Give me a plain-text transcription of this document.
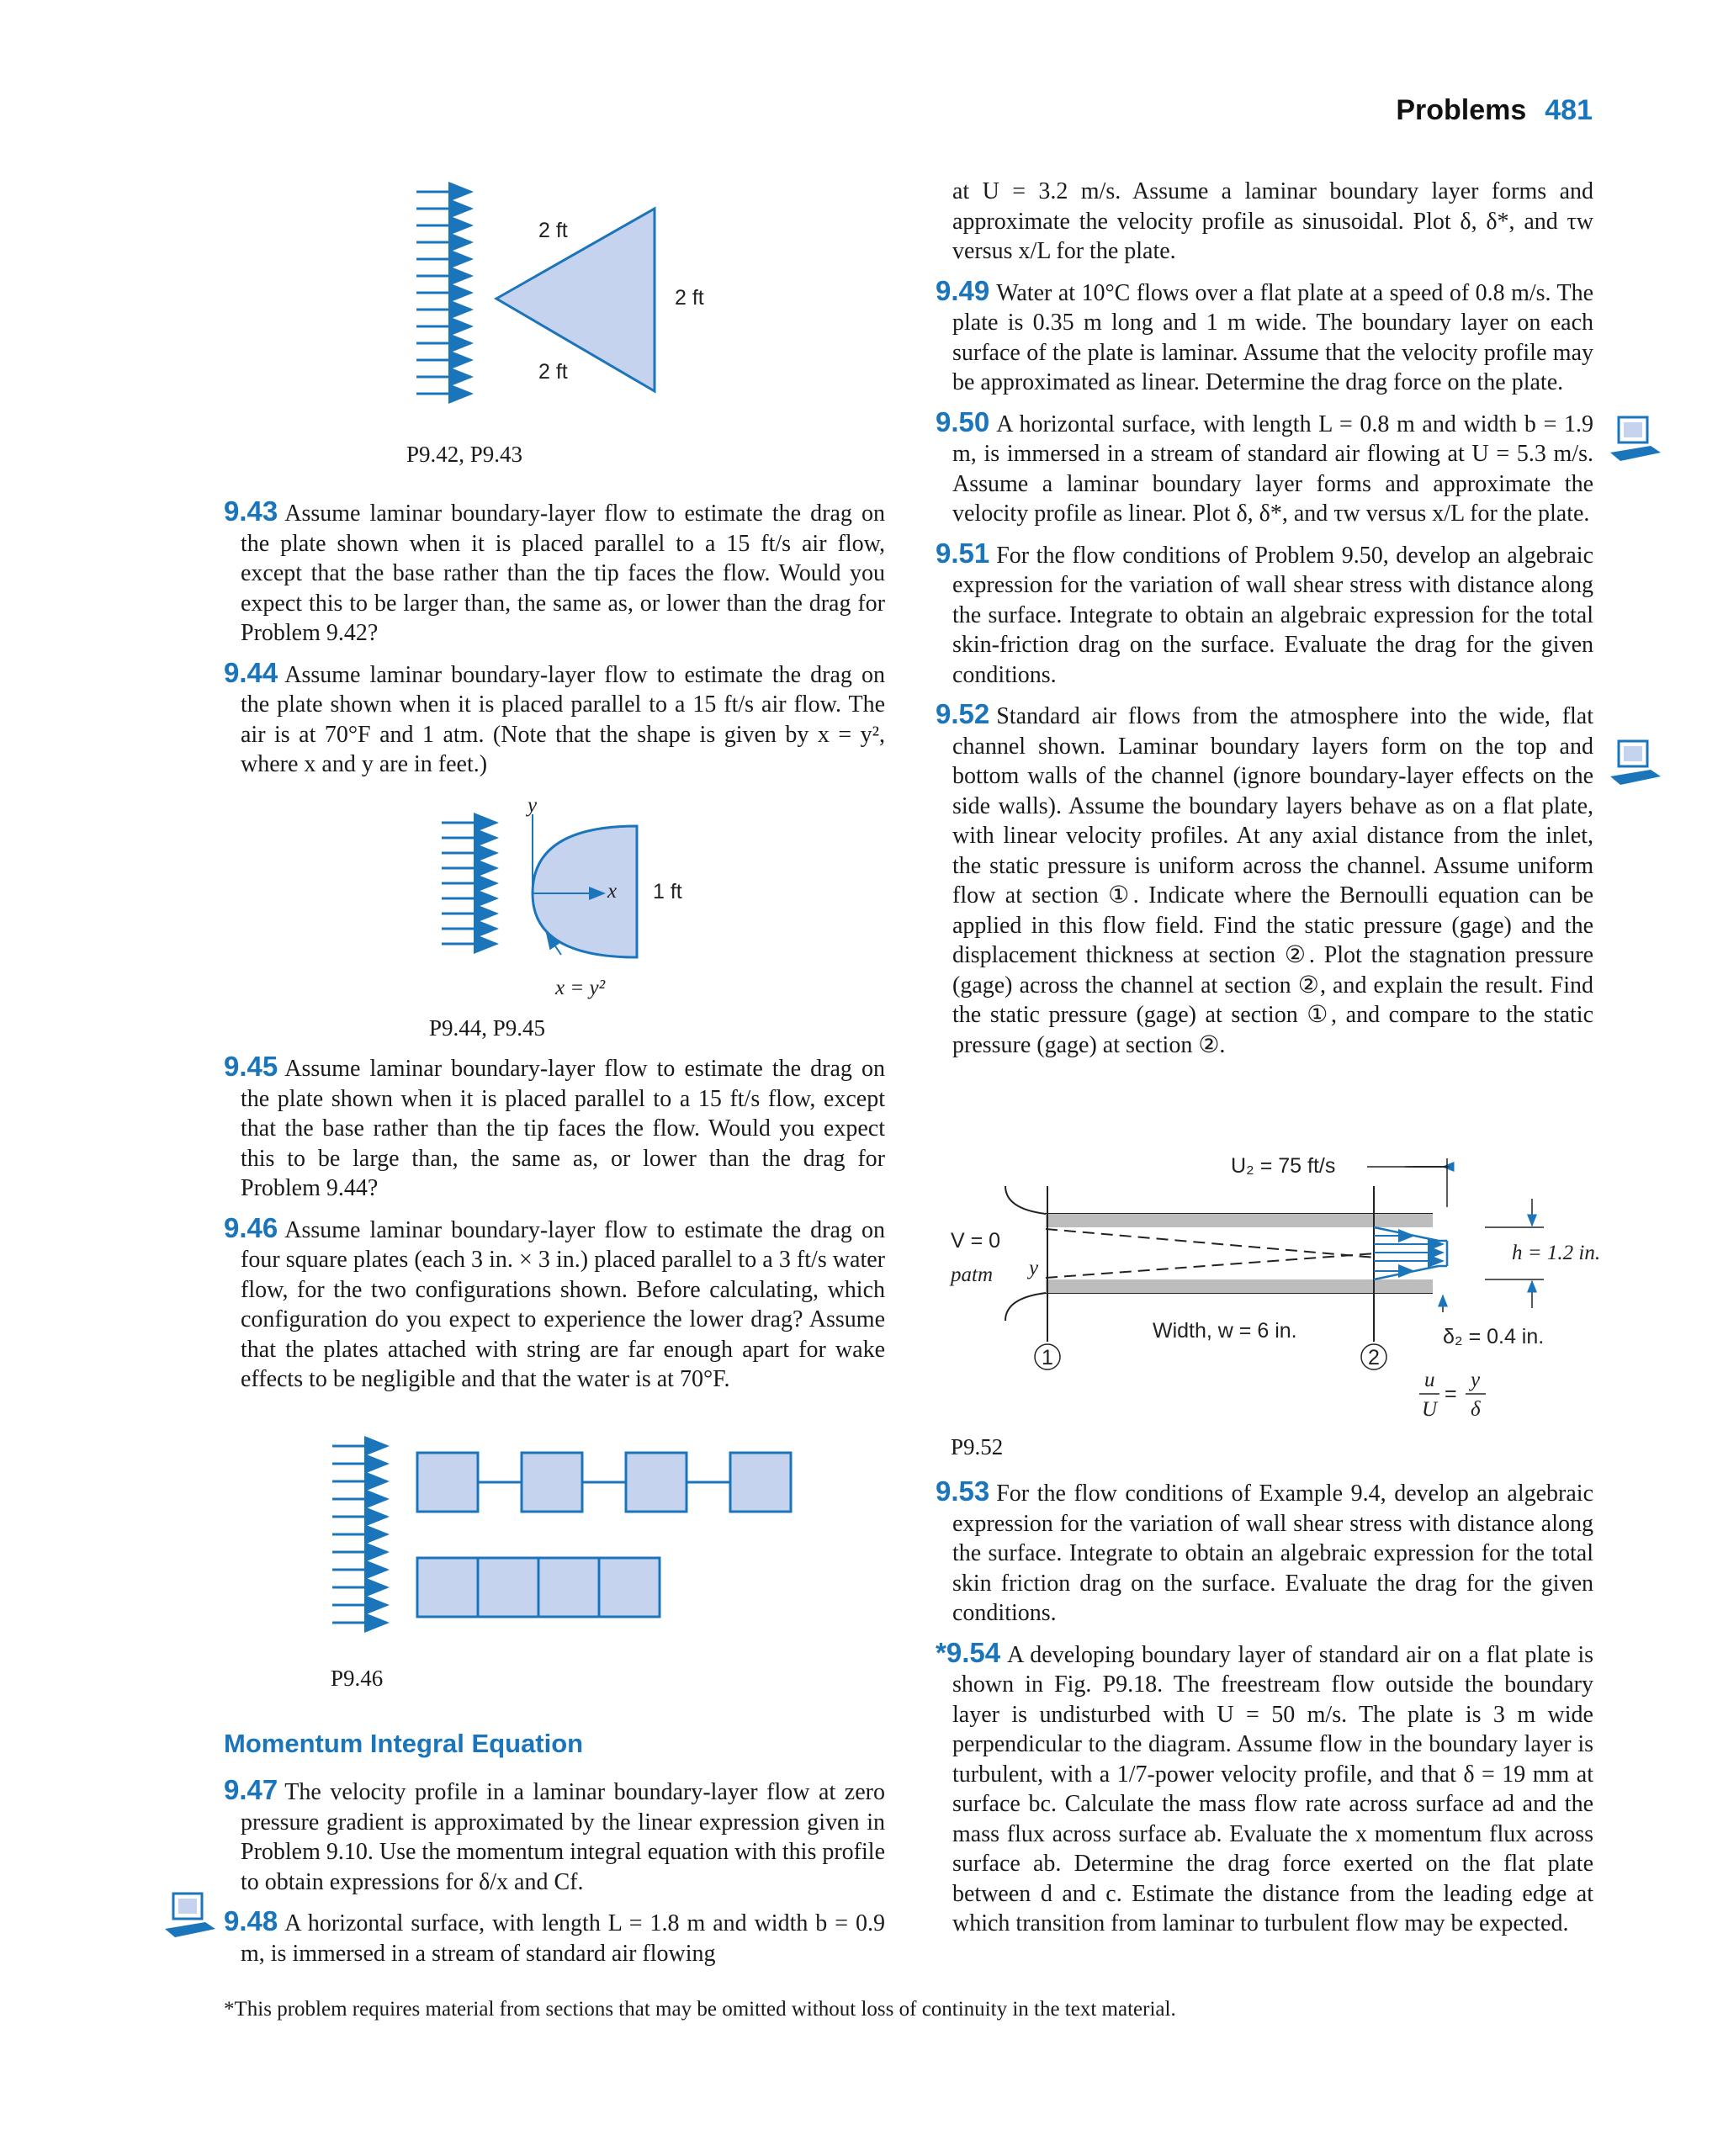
Problems 481
2 ft
2 ft
2 ft
P9.42, P9.43

9.43 Assume laminar boundary-layer flow to estimate the drag on the plate shown when it is placed parallel to a 15 ft/s air flow, except that the base rather than the tip faces the flow. Would you expect this to be larger than, the same as, or lower than the drag for Problem 9.42?

9.44 Assume laminar boundary-layer flow to estimate the drag on the plate shown when it is placed parallel to a 15 ft/s air flow. The air is at 70°F and 1 atm. (Note that the shape is given by x = y², where x and y are in feet.)

y
x 1 ft
x = y²
P9.44, P9.45

9.45 Assume laminar boundary-layer flow to estimate the drag on the plate shown when it is placed parallel to a 15 ft/s flow, except that the base rather than the tip faces the flow. Would you expect this to be large than, the same as, or lower than the drag for Problem 9.44?

9.46 Assume laminar boundary-layer flow to estimate the drag on four square plates (each 3 in. × 3 in.) placed parallel to a 3 ft/s water flow, for the two configurations shown. Before calculating, which configuration do you expect to experience the lower drag? Assume that the plates attached with string are far enough apart for wake effects to be negligible and that the water is at 70°F.

P9.46
Momentum Integral Equation

9.47 The velocity profile in a laminar boundary-layer flow at zero pressure gradient is approximated by the linear expression given in Problem 9.10. Use the momentum integral equation with this profile to obtain expressions for δ/x and Cf.

9.48 A horizontal surface, with length L = 1.8 m and width b = 0.9 m, is immersed in a stream of standard air flowing

at U = 3.2 m/s. Assume a laminar boundary layer forms and approximate the velocity profile as sinusoidal. Plot δ, δ*, and τw versus x/L for the plate.

9.49 Water at 10°C flows over a flat plate at a speed of 0.8 m/s. The plate is 0.35 m long and 1 m wide. The boundary layer on each surface of the plate is laminar. Assume that the velocity profile may be approximated as linear. Determine the drag force on the plate.

9.50 A horizontal surface, with length L = 0.8 m and width b = 1.9 m, is immersed in a stream of standard air flowing at U = 5.3 m/s. Assume a laminar boundary layer forms and approximate the velocity profile as linear. Plot δ, δ*, and τw versus x/L for the plate.

9.51 For the flow conditions of Problem 9.50, develop an algebraic expression for the variation of wall shear stress with distance along the surface. Integrate to obtain an algebraic expression for the total skin-friction drag on the surface. Evaluate the drag for the given conditions.

9.52 Standard air flows from the atmosphere into the wide, flat channel shown. Laminar boundary layers form on the top and bottom walls of the channel (ignore boundary-layer effects on the side walls). Assume the boundary layers behave as on a flat plate, with linear velocity profiles. At any axial distance from the inlet, the static pressure is uniform across the channel. Assume uniform flow at section ①. Indicate where the Bernoulli equation can be applied in this flow field. Find the static pressure (gage) and the displacement thickness at section ②. Plot the stagnation pressure (gage) across the channel at section ②, and explain the result. Find the static pressure (gage) at section ①, and compare to the static pressure (gage) at section ②.

U₂ = 75 ft/s
h = 1.2 in.
δ₂ = 0.4 in.
V = 0
patm y
Width, w = 6 in.
1	2
u
U
=
y
δ
P9.52

9.53 For the flow conditions of Example 9.4, develop an algebraic expression for the variation of wall shear stress with distance along the surface. Integrate to obtain an algebraic expression for the total skin friction drag on the surface. Evaluate the drag for the given conditions.

*9.54 A developing boundary layer of standard air on a flat plate is shown in Fig. P9.18. The freestream flow outside the boundary layer is undisturbed with U = 50 m/s. The plate is 3 m wide perpendicular to the diagram. Assume flow in the boundary layer is turbulent, with a 1/7-power velocity profile, and that δ = 19 mm at surface bc. Calculate the mass flow rate across surface ad and the mass flux across surface ab. Evaluate the x momentum flux across surface ab. Determine the drag force exerted on the flat plate between d and c. Estimate the distance from the leading edge at which transition from laminar to turbulent flow may be expected.

*This problem requires material from sections that may be omitted without loss of continuity in the text material.
